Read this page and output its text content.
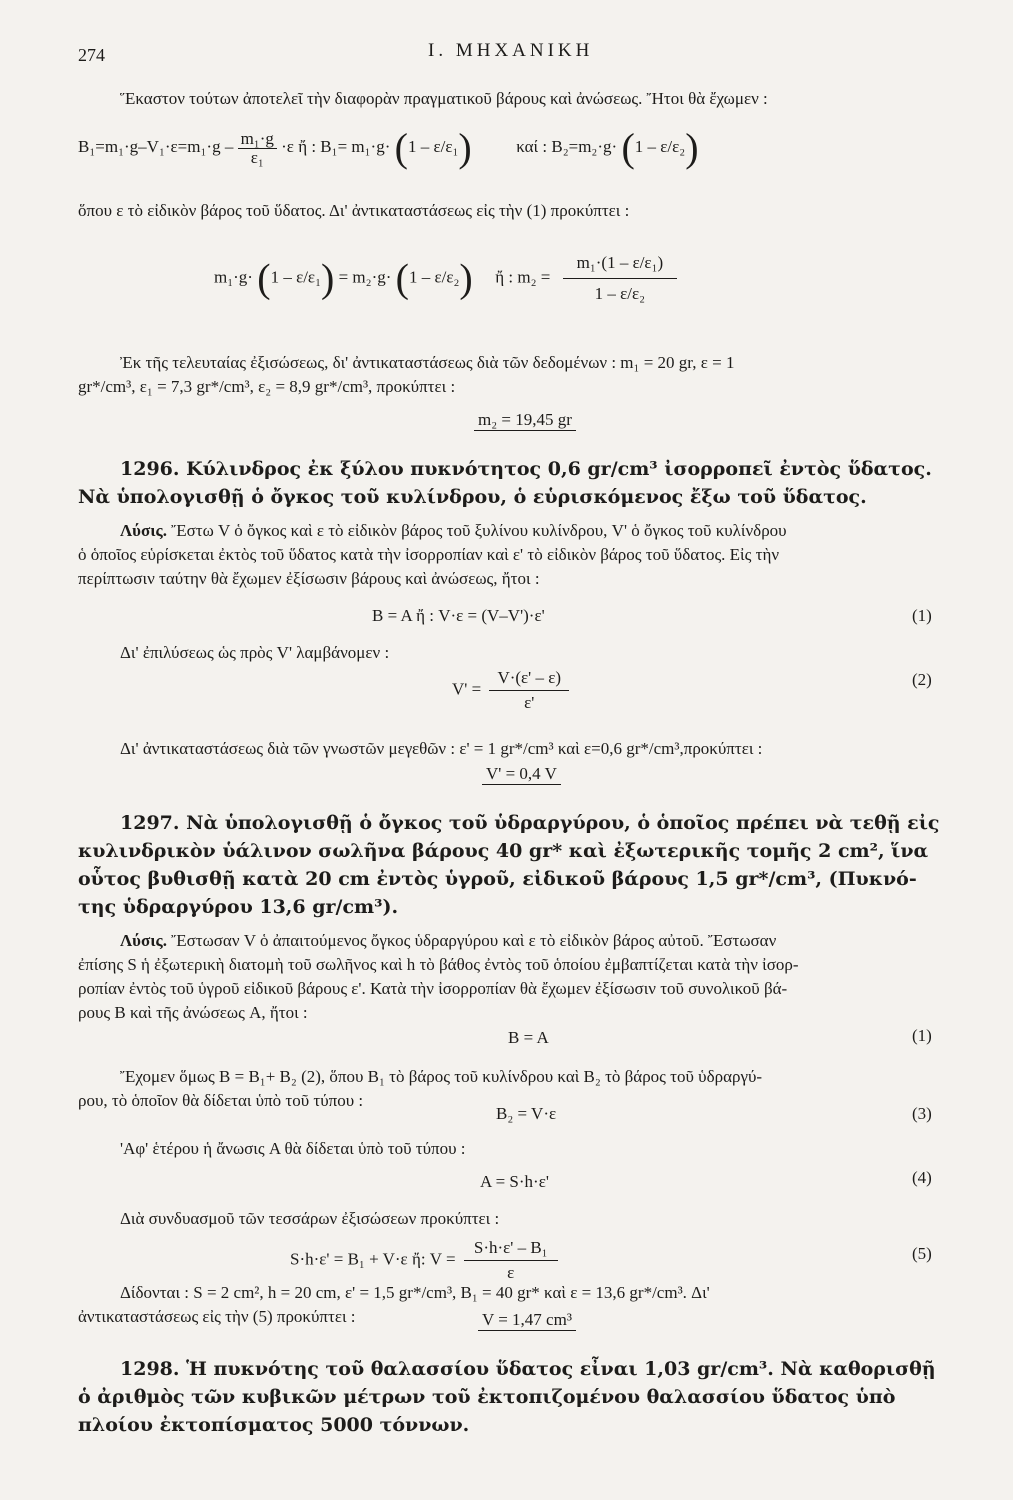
274	I. ΜΗΧΑΝΙΚΗ
Ἕκαστον τούτων ἀποτελεῖ τὴν διαφορὰν πραγματικοῦ βάρους καὶ ἀνώσεως. Ἤτοι θὰ ἔχωμεν :
$B_1=m_1\cdot g-V_1\cdot\varepsilon=m_1\cdot g - \frac{\text{m₁·g}}{\text{ε₁}} \cdot\varepsilon$ ἤ : B₁= m₁·g· (1 – ε/ε₁)	καί : B₂=m₂·g· (1 – ε/ε₂)
ὅπου ε τὸ εἰδικὸν βάρος τοῦ ὕδατος. Δι' ἀντικαταστάσεως εἰς τὴν (1) προκύπτει :
m₁·g· (1 – ε/ε₁) = m₂·g· (1 – ε/ε₂) ἤ : $m_2 = \frac{\text{m₁·(1 – ε/ε₁)}}{\text{1 – ε/ε₂}}$
Ἐκ τῆς τελευταίας ἐξισώσεως, δι' ἀντικαταστάσεως διὰ τῶν δεδομένων : m₁ = 20 gr, ε = 1
gr*/cm³, ε₁ = 7,3 gr*/cm³, ε₂ = 8,9 gr*/cm³, προκύπτει :
m₂ = 19,45 gr
1296. Κύλινδρος ἐκ ξύλου πυκνότητος 0,6 gr/cm³ ἰσορροπεῖ ἐντὸς ὕδατος.
Νὰ ὑπολογισθῇ ὁ ὄγκος τοῦ κυλίνδρου, ὁ εὑρισκόμενος ἔξω τοῦ ὕδατος.
Λύσις. Ἔστω V ὁ ὄγκος καὶ ε τὸ εἰδικὸν βάρος τοῦ ξυλίνου κυλίνδρου, V' ὁ ὄγκος τοῦ κυλίνδρου
ὁ ὁποῖος εὑρίσκεται ἐκτὸς τοῦ ὕδατος κατὰ τὴν ἰσορροπίαν καὶ ε' τὸ εἰδικὸν βάρος τοῦ ὕδατος. Εἰς τὴν
περίπτωσιν ταύτην θὰ ἔχωμεν ἐξίσωσιν βάρους καὶ ἀνώσεως, ἤτοι :
B = A ἤ : V·ε = (V–V')·ε'	(1)
Δι' ἐπιλύσεως ὡς πρὸς V' λαμβάνομεν :
$V' = \frac{V\cdot(\varepsilon' - \varepsilon)}{\varepsilon'}$	(2)
Δι' ἀντικαταστάσεως διὰ τῶν γνωστῶν μεγεθῶν : ε' = 1 gr*/cm³ καὶ ε=0,6 gr*/cm³,προκύπτει :
V' = 0,4 V
1297. Νὰ ὑπολογισθῇ ὁ ὄγκος τοῦ ὑδραργύρου, ὁ ὁποῖος πρέπει νὰ τεθῇ εἰς
κυλινδρικὸν ὑάλινον σωλῆνα βάρους 40 gr* καὶ ἐξωτερικῆς τομῆς 2 cm², ἵνα
οὗτος βυθισθῇ κατὰ 20 cm ἐντὸς ὑγροῦ, εἰδικοῦ βάρους 1,5 gr*/cm³, (Πυκνό-
της ὑδραργύρου 13,6 gr/cm³).
Λύσις. Ἔστωσαν V ὁ ἀπαιτούμενος ὄγκος ὑδραργύρου καὶ ε τὸ εἰδικὸν βάρος αὐτοῦ. Ἔστωσαν
ἐπίσης S ἡ ἐξωτερικὴ διατομὴ τοῦ σωλῆνος καὶ h τὸ βάθος ἐντὸς τοῦ ὁποίου ἐμβαπτίζεται κατὰ τὴν ἰσορ-
ροπίαν ἐντὸς τοῦ ὑγροῦ εἰδικοῦ βάρους ε'. Κατὰ τὴν ἰσορροπίαν θὰ ἔχωμεν ἐξίσωσιν τοῦ συνολικοῦ βά-
ρους B καὶ τῆς ἀνώσεως A, ἤτοι :
B = A	(1)
Ἔχομεν ὅμως B = B₁+ B₂ (2), ὅπου B₁ τὸ βάρος τοῦ κυλίνδρου καὶ B₂ τὸ βάρος τοῦ ὑδραργύ-
ρου, τὸ ὁποῖον θὰ δίδεται ὑπὸ τοῦ τύπου :
B₂ = V·ε	(3)
'Αφ' ἑτέρου ἡ ἄνωσις A θὰ δίδεται ὑπὸ τοῦ τύπου :
A = S·h·ε'	(4)
Διὰ συνδυασμοῦ τῶν τεσσάρων ἐξισώσεων προκύπτει :
S·h·ε' = B₁ + V·ε ἤ: $V = \frac{\text{S·h·ε' – B₁}}{\varepsilon}$	(5)
Δίδονται : S = 2 cm², h = 20 cm, ε' = 1,5 gr*/cm³, B₁ = 40 gr* καὶ ε = 13,6 gr*/cm³. Δι'
ἀντικαταστάσεως εἰς τὴν (5) προκύπτει :	V = 1,47 cm³
1298. Ἡ πυκνότης τοῦ θαλασσίου ὕδατος εἶναι 1,03 gr/cm³. Νὰ καθορισθῇ
ὁ ἀριθμὸς τῶν κυβικῶν μέτρων τοῦ ἐκτοπιζομένου θαλασσίου ὕδατος ὑπὸ
πλοίου ἐκτοπίσματος 5000 τόννων.
